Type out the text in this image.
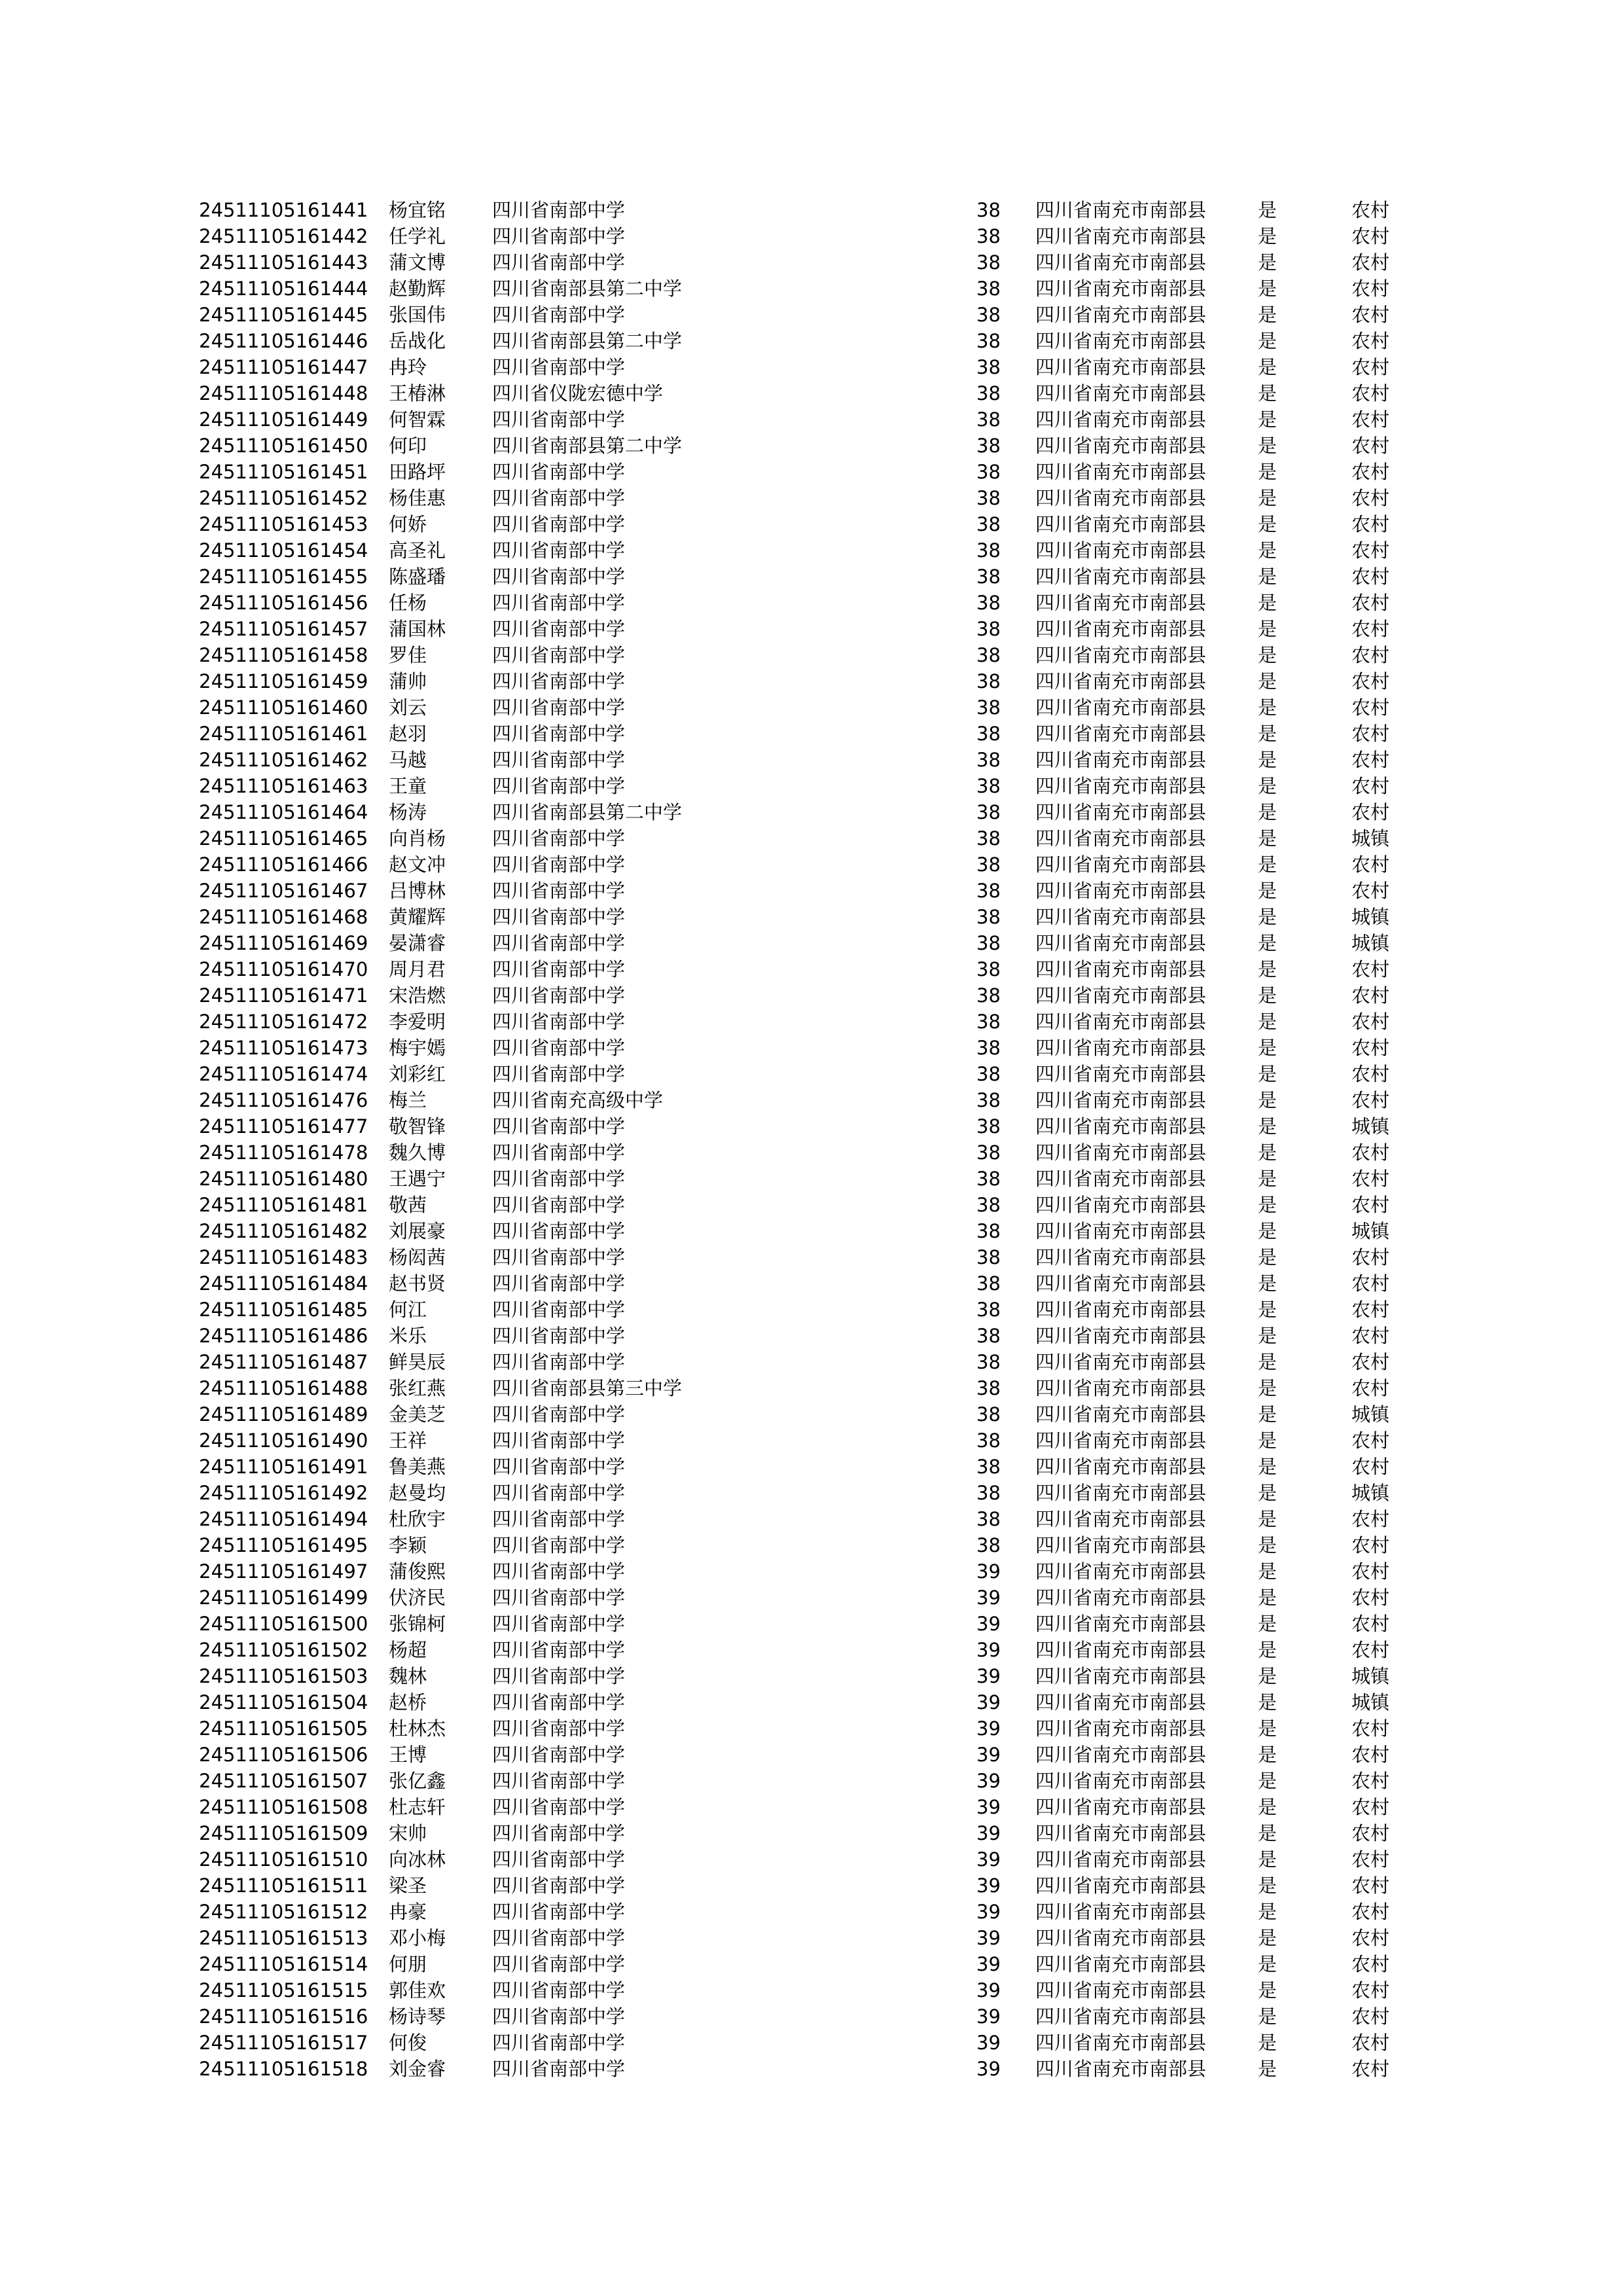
24511105161441	杨宜铭	四川省南部中学	38	四川省南充市南部县	是	农村
24511105161442	任学礼	四川省南部中学	38	四川省南充市南部县	是	农村
24511105161443	蒲文博	四川省南部中学	38	四川省南充市南部县	是	农村
24511105161444	赵勤辉	四川省南部县第二中学	38	四川省南充市南部县	是	农村
24511105161445	张国伟	四川省南部中学	38	四川省南充市南部县	是	农村
24511105161446	岳战化	四川省南部县第二中学	38	四川省南充市南部县	是	农村
24511105161447	冉玲	四川省南部中学	38	四川省南充市南部县	是	农村
24511105161448	王椿淋	四川省仪陇宏德中学	38	四川省南充市南部县	是	农村
24511105161449	何智霖	四川省南部中学	38	四川省南充市南部县	是	农村
24511105161450	何印	四川省南部县第二中学	38	四川省南充市南部县	是	农村
24511105161451	田路坪	四川省南部中学	38	四川省南充市南部县	是	农村
24511105161452	杨佳惠	四川省南部中学	38	四川省南充市南部县	是	农村
24511105161453	何娇	四川省南部中学	38	四川省南充市南部县	是	农村
24511105161454	高圣礼	四川省南部中学	38	四川省南充市南部县	是	农村
24511105161455	陈盛璠	四川省南部中学	38	四川省南充市南部县	是	农村
24511105161456	任杨	四川省南部中学	38	四川省南充市南部县	是	农村
24511105161457	蒲国林	四川省南部中学	38	四川省南充市南部县	是	农村
24511105161458	罗佳	四川省南部中学	38	四川省南充市南部县	是	农村
24511105161459	蒲帅	四川省南部中学	38	四川省南充市南部县	是	农村
24511105161460	刘云	四川省南部中学	38	四川省南充市南部县	是	农村
24511105161461	赵羽	四川省南部中学	38	四川省南充市南部县	是	农村
24511105161462	马越	四川省南部中学	38	四川省南充市南部县	是	农村
24511105161463	王童	四川省南部中学	38	四川省南充市南部县	是	农村
24511105161464	杨涛	四川省南部县第二中学	38	四川省南充市南部县	是	农村
24511105161465	向肖杨	四川省南部中学	38	四川省南充市南部县	是	城镇
24511105161466	赵文冲	四川省南部中学	38	四川省南充市南部县	是	农村
24511105161467	吕博林	四川省南部中学	38	四川省南充市南部县	是	农村
24511105161468	黄耀辉	四川省南部中学	38	四川省南充市南部县	是	城镇
24511105161469	晏潇睿	四川省南部中学	38	四川省南充市南部县	是	城镇
24511105161470	周月君	四川省南部中学	38	四川省南充市南部县	是	农村
24511105161471	宋浩燃	四川省南部中学	38	四川省南充市南部县	是	农村
24511105161472	李爱明	四川省南部中学	38	四川省南充市南部县	是	农村
24511105161473	梅宇嫣	四川省南部中学	38	四川省南充市南部县	是	农村
24511105161474	刘彩红	四川省南部中学	38	四川省南充市南部县	是	农村
24511105161476	梅兰	四川省南充高级中学	38	四川省南充市南部县	是	农村
24511105161477	敬智锋	四川省南部中学	38	四川省南充市南部县	是	城镇
24511105161478	魏久博	四川省南部中学	38	四川省南充市南部县	是	农村
24511105161480	王遇宁	四川省南部中学	38	四川省南充市南部县	是	农村
24511105161481	敬茜	四川省南部中学	38	四川省南充市南部县	是	农村
24511105161482	刘展豪	四川省南部中学	38	四川省南充市南部县	是	城镇
24511105161483	杨闳茜	四川省南部中学	38	四川省南充市南部县	是	农村
24511105161484	赵书贤	四川省南部中学	38	四川省南充市南部县	是	农村
24511105161485	何江	四川省南部中学	38	四川省南充市南部县	是	农村
24511105161486	米乐	四川省南部中学	38	四川省南充市南部县	是	农村
24511105161487	鲜昊辰	四川省南部中学	38	四川省南充市南部县	是	农村
24511105161488	张红燕	四川省南部县第三中学	38	四川省南充市南部县	是	农村
24511105161489	金美芝	四川省南部中学	38	四川省南充市南部县	是	城镇
24511105161490	王祥	四川省南部中学	38	四川省南充市南部县	是	农村
24511105161491	鲁美燕	四川省南部中学	38	四川省南充市南部县	是	农村
24511105161492	赵曼均	四川省南部中学	38	四川省南充市南部县	是	城镇
24511105161494	杜欣宇	四川省南部中学	38	四川省南充市南部县	是	农村
24511105161495	李颖	四川省南部中学	38	四川省南充市南部县	是	农村
24511105161497	蒲俊熙	四川省南部中学	39	四川省南充市南部县	是	农村
24511105161499	伏济民	四川省南部中学	39	四川省南充市南部县	是	农村
24511105161500	张锦柯	四川省南部中学	39	四川省南充市南部县	是	农村
24511105161502	杨超	四川省南部中学	39	四川省南充市南部县	是	农村
24511105161503	魏林	四川省南部中学	39	四川省南充市南部县	是	城镇
24511105161504	赵桥	四川省南部中学	39	四川省南充市南部县	是	城镇
24511105161505	杜林杰	四川省南部中学	39	四川省南充市南部县	是	农村
24511105161506	王博	四川省南部中学	39	四川省南充市南部县	是	农村
24511105161507	张亿鑫	四川省南部中学	39	四川省南充市南部县	是	农村
24511105161508	杜志轩	四川省南部中学	39	四川省南充市南部县	是	农村
24511105161509	宋帅	四川省南部中学	39	四川省南充市南部县	是	农村
24511105161510	向冰林	四川省南部中学	39	四川省南充市南部县	是	农村
24511105161511	梁圣	四川省南部中学	39	四川省南充市南部县	是	农村
24511105161512	冉豪	四川省南部中学	39	四川省南充市南部县	是	农村
24511105161513	邓小梅	四川省南部中学	39	四川省南充市南部县	是	农村
24511105161514	何朋	四川省南部中学	39	四川省南充市南部县	是	农村
24511105161515	郭佳欢	四川省南部中学	39	四川省南充市南部县	是	农村
24511105161516	杨诗琴	四川省南部中学	39	四川省南充市南部县	是	农村
24511105161517	何俊	四川省南部中学	39	四川省南充市南部县	是	农村
24511105161518	刘金睿	四川省南部中学	39	四川省南充市南部县	是	农村
